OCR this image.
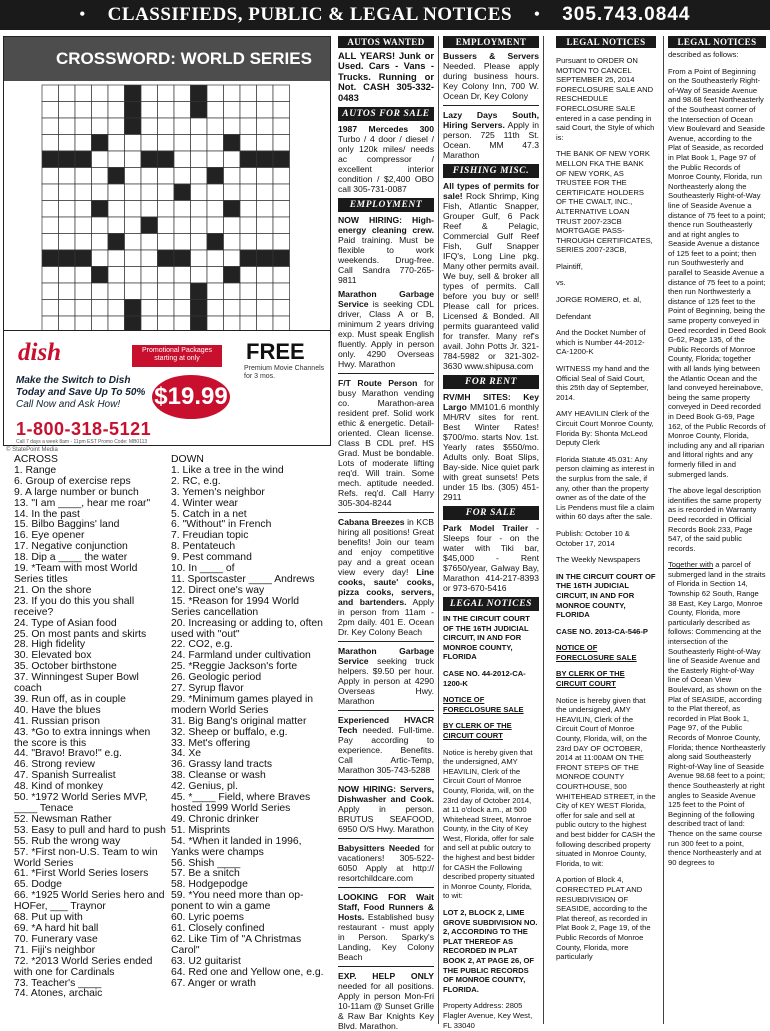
• CLASSIFIEDS, PUBLIC & LEGAL NOTICES • 305.743.0844
CROSSWORD: WORLD SERIES
dish
Make the Switch to Dish Today and Save Up To 50%
Call Now and Ask How!
Promotional Packages starting at only
$19.99
FREE
Premium Movie Channels for 3 mos.
1-800-318-5121
Call 7 days a week 8am - 11pm EST Promo Code: MB0113
© StatePoint Media
ACROSS
1. Range
6. Group of exercise reps
9. A large number or bunch
13. "I am ____, hear me roar"
14. In the past
15. Bilbo Baggins' land
16. Eye opener
17. Negative conjunction
18. Dip a ____ the water
19. *Team with most World Series titles
21. On the shore
23. If you do this you shall receive?
24. Type of Asian food
25. On most pants and skirts
28. High fidelity
30. Elevated box
35. October birthstone
37. Winningest Super Bowl coach
39. Run off, as in couple
40. Have the blues
41. Russian prison
43. *Go to extra innings when the score is this
44. "Bravo! Bravo!" e.g.
46. Strong review
47. Spanish Surrealist
48. Kind of monkey
50. *1972 World Series MVP, ____ Tenace
52. Newsman Rather
53. Easy to pull and hard to push
55. Rub the wrong way
57. *First non-U.S. Team to win World Series
61. *First World Series losers
65. Dodge
66. *1925 World Series hero and HOFer, ___ Traynor
68. Put up with
69. *A hard hit ball
70. Funerary vase
71. Fiji's neighbor
72. *2013 World Series ended with one for Cardinals
73. Teacher's ____
74. Atones, archaic
DOWN
1. Like a tree in the wind
2. RC, e.g.
3. Yemen's neighbor
4. Winter wear
5. Catch in a net
6. "Without" in French
7. Freudian topic
8. Pentateuch
9. Pest command
10. In ____ of
11. Sportscaster ____ Andrews
12. Direct one's way
15. *Reason for 1994 World Series cancellation
20. Increasing or adding to, often used with "out"
22. CO2, e.g.
24. Farmland under cultivation
25. *Reggie Jackson's forte
26. Geologic period
27. Syrup flavor
29. *Minimum games played in modern World Series
31. Big Bang's original matter
32. Sheep or buffalo, e.g.
33. Met's offering
34. Xe
36. Grassy land tracts
38. Cleanse or wash
42. Genius, pl.
45. *____ Field, where Braves hosted 1999 World Series
49. Chronic drinker
51. Misprints
54. *When it landed in 1996, Yanks were champs
56. Shish ____
57. Be a snitch
58. Hodgepodge
59. *You need more than op-ponent to win a game
60. Lyric poems
61. Closely confined
62. Like Tim of "A Christmas Carol"
63. U2 guitarist
64. Red one and Yellow one, e.g.
67. Anger or wrath
AUTOS WANTED

ALL YEARS! Junk or Used. Cars - Vans - Trucks. Running or Not. CASH 305-332-0483

AUTOS FOR SALE

1987 Mercedes 300 Turbo / 4 door / diesel / only 120k miles/ needs ac compressor / excellent interior condition / $2,400 OBO call 305-731-0087

EMPLOYMENT

NOW HIRING: High-energy cleaning crew. Paid training. Must be flexible to work weekends. Drug-free. Call Sandra 770-265-9811

Marathon Garbage Service is seeking CDL driver, Class A or B, minimum 2 years driving exp. Must speak English fluently. Apply in person only. 4290 Overseas Hwy. Marathon

F/T Route Person for busy Marathon vending co. Marathon-area resident pref. Solid work ethic & energetic. Detail-oriented. Clean license. Class B CDL pref. HS Grad. Must be bondable. Lots of moderate lifting req'd. Will train. Some mech. aptitude needed. Refs. req'd. Call Harry 305-304-8244

Cabana Breezes in KCB hiring all positions! Great benefits! Join our team and enjoy competitive pay and a great ocean view every day! Line cooks, saute' cooks, pizza cooks, servers, and bartenders. Apply in person from 11am - 2pm daily. 401 E. Ocean Dr. Key Colony Beach

Marathon Garbage Service seeking truck helpers. $9.50 per hour. Apply in person at 4290 Overseas Hwy. Marathon

Experienced HVACR Tech needed. Full-time. Pay according to experience. Benefits. Call Artic-Temp, Marathon 305-743-5288

NOW HIRING: Servers, Dishwasher and Cook. Apply in person. BRUTUS SEAFOOD, 6950 O/S Hwy. Marathon

Babysitters Needed for vacationers! 305-522-6050 Apply at http:// resortchildcare.com

LOOKING FOR Wait Staff, Food Runners & Hosts. Established busy restaurant - must apply in Person. Sparky's Landing, Key Colony Beach

EXP. HELP ONLY needed for all positions. Apply in person Mon-Fri 10-11am @ Sunset Grille & Raw Bar Knights Key Blvd. Marathon.

EMPLOYMENT

Bussers & Servers Needed. Please apply during business hours. Key Colony Inn, 700 W. Ocean Dr, Key Colony

Lazy Days South, Hiring Servers. Apply in person. 725 11th St. Ocean. MM 47.3 Marathon

FISHING MISC.

All types of permits for sale! Rock Shrimp, King Fish, Atlantic Snapper, Grouper Gulf, 6 Pack Reef & Pelagic, Commercial Gulf Reef Fish, Gulf Snapper IFQ's, Long Line pkg. Many other permits avail. We buy, sell & broker all types of permits. Call before you buy or sell! Please call for prices. Licensed & Bonded. All permits guaranteed valid for transfer. Many ref's avail. John Potts Jr. 321-784-5982 or 321-302-3630 www.shipusa.com

FOR RENT

RV/MH SITES: Key Largo MM101.6 monthly MH/RV sites for rent. Best Winter Rates! $700/mo. starts Nov. 1st. Yearly rates $550/mo. Adults only. Boat Slips, Bay-side. Nice quiet park with great sunsets! Pets under 15 lbs. (305) 451-2911

FOR SALE

Park Model Trailer - Sleeps four - on the water with Tiki bar, $45,000 - Rent $7650/year, Galway Bay, Marathon 414-217-8393 or 973-670-5416

LEGAL NOTICES

IN THE CIRCUIT COURT OF THE 16TH JUDICIAL CIRCUIT, IN AND FOR MONROE COUNTY, FLORIDA

CASE NO. 44-2012-CA-1200-K

NOTICE OF FORECLOSURE SALE

BY CLERK OF THE CIRCUIT COURT

Notice is hereby given that the undersigned, AMY HEAVILIN, Clerk of the Circuit Court of Monroe County, Florida, will, on the 23rd day of October 2014, at 11 o'clock a.m., at 500 Whitehead Street, Monroe County, in the City of Key West, Florida, offer for sale and sell at public outcry to the highest and best bidder for CASH the Following described property situated in Monroe County, Florida, to wit:

LOT 2, BLOCK 2, LIME GROVE SUBDIVISION NO. 2, ACCORDING TO THE PLAT THEREOF AS RECORDED IN PLAT BOOK 2, AT PAGE 26, OF THE PUBLIC RECORDS OF MONROE COUNTY, FLORIDA.

Property Address: 2805 Flagler Avenue, Key West, FL 33040

LEGAL NOTICES

Pursuant to ORDER ON MOTION TO CANCEL SEPTEMBER 25, 2014 FORECLOSURE SALE AND RESCHEDULE FORECLOSURE SALE entered in a case pending in said Court, the Style of which is:

THE BANK OF NEW YORK MELLON FKA THE BANK OF NEW YORK, AS TRUSTEE FOR THE CERTIFICATE HOLDERS OF THE CWALT, INC., ALTERNATIVE LOAN TRUST 2007-23CB MORTGAGE PASS-THROUGH CERTIFICATES, SERIES 2007-23CB,

Plaintiff,

vs.

JORGE ROMERO, et. al,

Defendant

And the Docket Number of which is Number 44-2012-CA-1200-K

WITNESS my hand and the Official Seal of Said Court, this 25th day of September, 2014.

AMY HEAVILIN Clerk of the Circuit Court Monroe County, Florida By: Shonta McLeod Deputy Clerk

Florida Statute 45.031: Any person claiming as interest in the surplus from the sale, if any, other than the property owner as of the date of the Lis Pendens must file a claim within 60 days after the sale.

Publish: October 10 & October 17, 2014

The Weekly Newspapers

IN THE CIRCUIT COURT OF THE 16TH JUDICIAL CIRCUIT, IN AND FOR MONROE COUNTY, FLORIDA

CASE NO. 2013-CA-546-P

NOTICE OF FORECLOSURE SALE

BY CLERK OF THE CIRCUIT COURT

Notice is hereby given that the undersigned, AMY HEAVILIN, Clerk of the Circuit Court of Monroe County, Florida, will, on the 23rd DAY OF OCTOBER, 2014 at 11:00AM ON THE FRONT STEPS OF THE MONROE COUNTY COURTHOUSE, 500 WHITEHEAD STREET, in the City of KEY WEST Florida, offer for sale and sell at public outcry to the highest and best bidder for CASH the following described property situated in Monroe County, Florida, to wit:

A portion of Block 4, CORRECTED PLAT AND RESUBDIVISION OF SEASIDE, according to the Plat thereof, as recorded in Plat Book 2, Page 19, of the Public Records of Monroe County, Florida, more particularly

LEGAL NOTICES

described as follows:

From a Point of Beginning on the Southeasterly Right-of-Way of Seaside Avenue and 98.68 feet Northeasterly of the Southeast corner of the Intersection of Ocean View Boulevard and Seaside Avenue, according to the Plat of Seaside, as recorded in Plat Book 1, Page 97 of the Public Records of Monroe County, Florida, run Northeasterly along the Southeasterly Right-of-Way line of Seaside Avenue a distance of 75 feet to a point; thence run Southeasterly and at right angles to Seaside Avenue a distance of 125 feet to a point; then run Southwesterly and parallel to Seaside Avenue a distance of 75 feet to a point; then run Northwesterly a distance of 125 feet to the Point of Beginning, being the same property conveyed in Deed recorded in Deed Book G-62, Page 135, of the Public Records of Monroe County, Florida; together with all lands lying between the Atlantic Ocean and the land conveyed hereinabove, being the same property conveyed in Deed recorded in Deed Book G-69, Page 162, of the Public Records of Monroe County, Florida, including any and all riparian and littoral rights and any formerly filled in and submerged lands.

The above legal description identifies the same property as is recorded in Warranty Deed recorded in Official Records Book 233, Page 547, of the said public records.

Together with a parcel of submerged land in the straits of Florida in Section 14, Township 62 South, Range 38 East, Key Largo, Monroe County, Florida, more particularly described as follows: Commencing at the intersection of the Southeasterly Right-of-Way line of Seaside Avenue and the Easterly Right-of-Way line of Ocean View Boulevard, as shown on the Plat of SEASIDE, according to the Plat thereof, as recorded in Plat Book 1, Page 97, of the Public Records of Monroe County, Florida; thence Northeasterly along said Southeasterly Right-of-Way line of Seaside Avenue 98.68 feet to a point; thence Southeasterly at right angles to Seaside Avenue 125 feet to the Point of Beginning of the following described tract of land: Thence on the same course run 300 feet to a point, thence Northeasterly and at 90 degrees to
